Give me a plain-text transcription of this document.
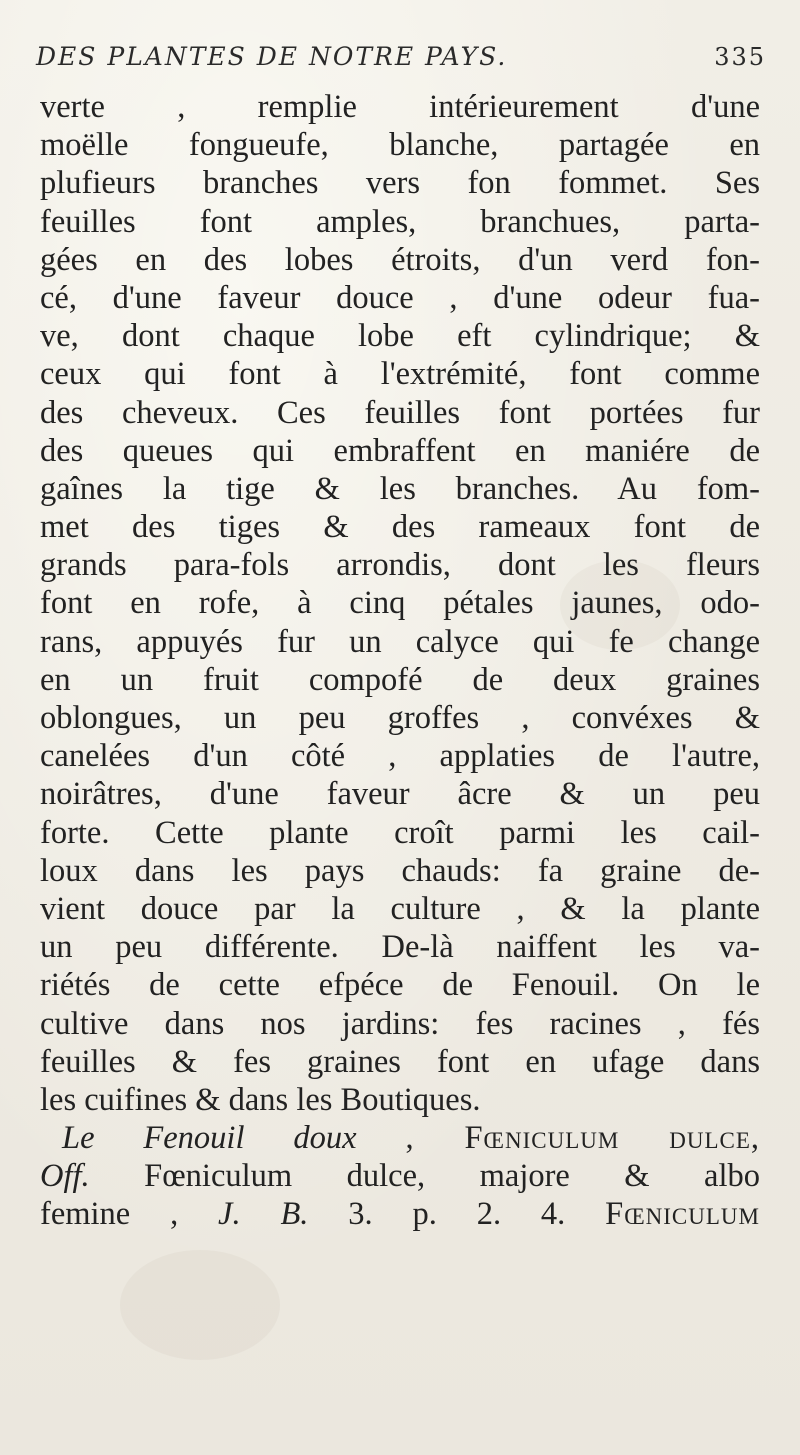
DES PLANTES DE NOTRE PAYS.	335
verte , remplie intérieurement d'une
moëlle fongueufe, blanche, partagée en
plufieurs branches vers fon fommet. Ses
feuilles font amples, branchues, parta-
gées en des lobes étroits, d'un verd fon-
cé, d'une faveur douce , d'une odeur fua-
ve, dont chaque lobe eft cylindrique; &
ceux qui font à l'extrémité, font comme
des cheveux. Ces feuilles font portées fur
des queues qui embraffent en maniére de
gaînes la tige & les branches. Au fom-
met des tiges & des rameaux font de
grands para-fols arrondis, dont les fleurs
font en rofe, à cinq pétales jaunes, odo-
rans, appuyés fur un calyce qui fe change
en un fruit compofé de deux graines
oblongues, un peu groffes , convéxes &
canelées d'un côté , applaties de l'autre,
noirâtres, d'une faveur âcre & un peu
forte. Cette plante croît parmi les cail-
loux dans les pays chauds: fa graine de-
vient douce par la culture , & la plante
un peu différente. De-là naiffent les va-
riétés de cette efpéce de Fenouil. On le
cultive dans nos jardins: fes racines , fés
feuilles & fes graines font en ufage dans
les cuifines & dans les Boutiques.
Le Fenouil doux , Fœniculum dulce,
Off. Fœniculum dulce, majore & albo
femine , J. B. 3. p. 2. 4. Fœniculum
